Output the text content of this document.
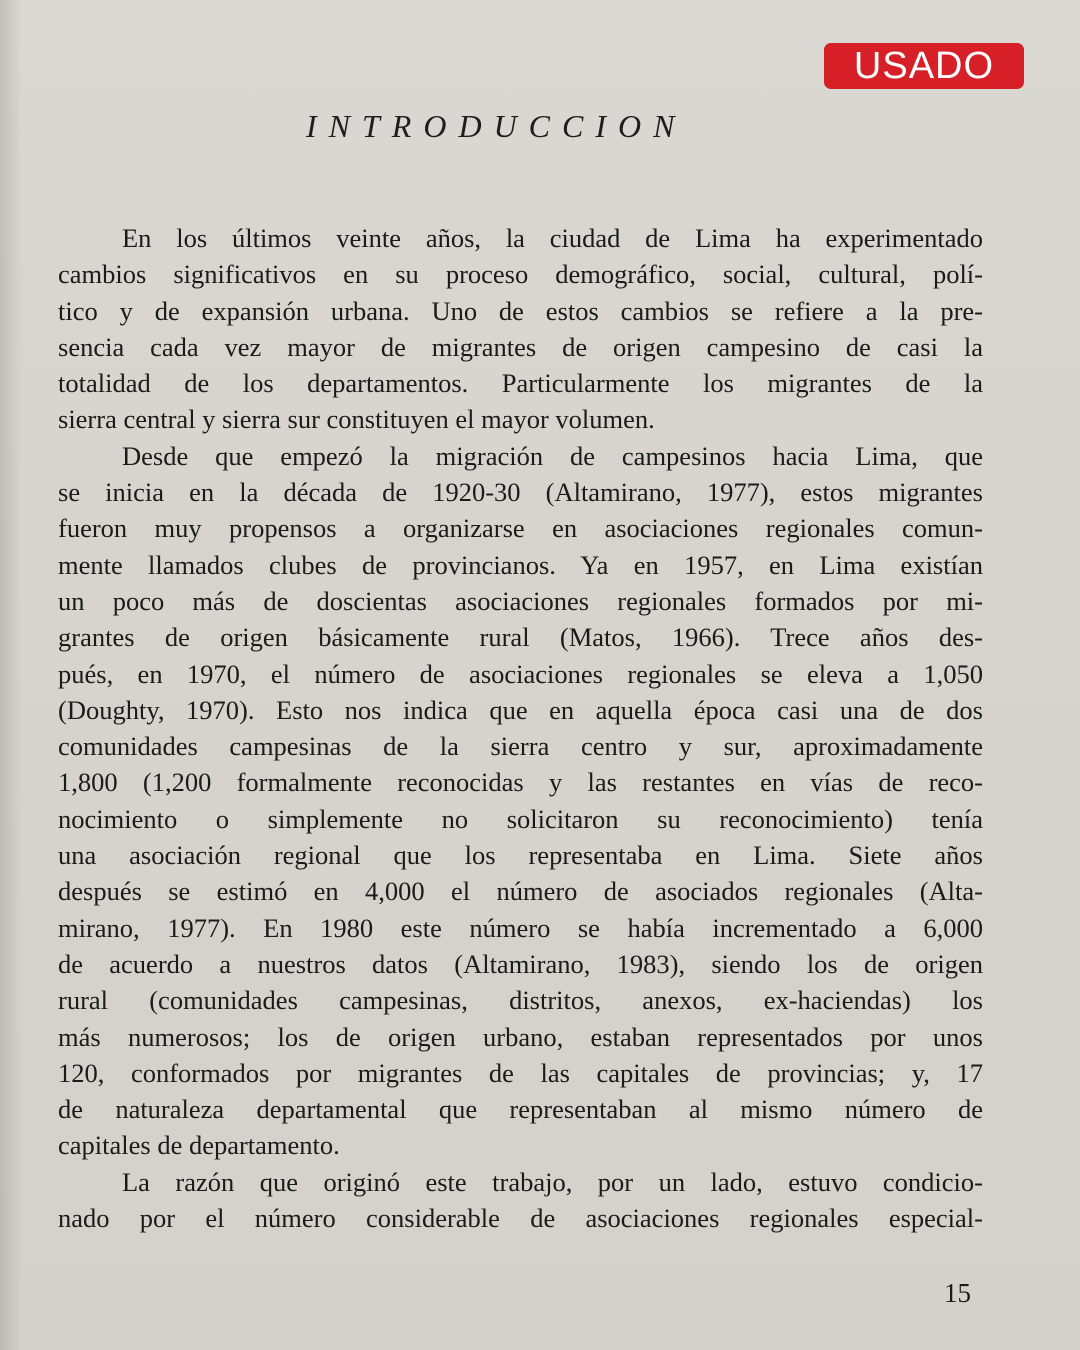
USADO
INTRODUCCION
En los últimos veinte años, la ciudad de Lima ha experimentado
cambios significativos en su proceso demográfico, social, cultural, polí-
tico y de expansión urbana. Uno de estos cambios se refiere a la pre-
sencia cada vez mayor de migrantes de origen campesino de casi la
totalidad de los departamentos. Particularmente los migrantes de la
sierra central y sierra sur constituyen el mayor volumen.
Desde que empezó la migración de campesinos hacia Lima, que
se inicia en la década de 1920-30 (Altamirano, 1977), estos migrantes
fueron muy propensos a organizarse en asociaciones regionales comun-
mente llamados clubes de provincianos. Ya en 1957, en Lima existían
un poco más de doscientas asociaciones regionales formados por mi-
grantes de origen básicamente rural (Matos, 1966). Trece años des-
pués, en 1970, el número de asociaciones regionales se eleva a 1,050
(Doughty, 1970). Esto nos indica que en aquella época casi una de dos
comunidades campesinas de la sierra centro y sur, aproximadamente
1,800 (1,200 formalmente reconocidas y las restantes en vías de reco-
nocimiento o simplemente no solicitaron su reconocimiento) tenía
una asociación regional que los representaba en Lima. Siete años
después se estimó en 4,000 el número de asociados regionales (Alta-
mirano, 1977). En 1980 este número se había incrementado a 6,000
de acuerdo a nuestros datos (Altamirano, 1983), siendo los de origen
rural (comunidades campesinas, distritos, anexos, ex-haciendas) los
más numerosos; los de origen urbano, estaban representados por unos
120, conformados por migrantes de las capitales de provincias; y, 17
de naturaleza departamental que representaban al mismo número de
capitales de departamento.
La razón que originó este trabajo, por un lado, estuvo condicio-
nado por el número considerable de asociaciones regionales especial-
15
